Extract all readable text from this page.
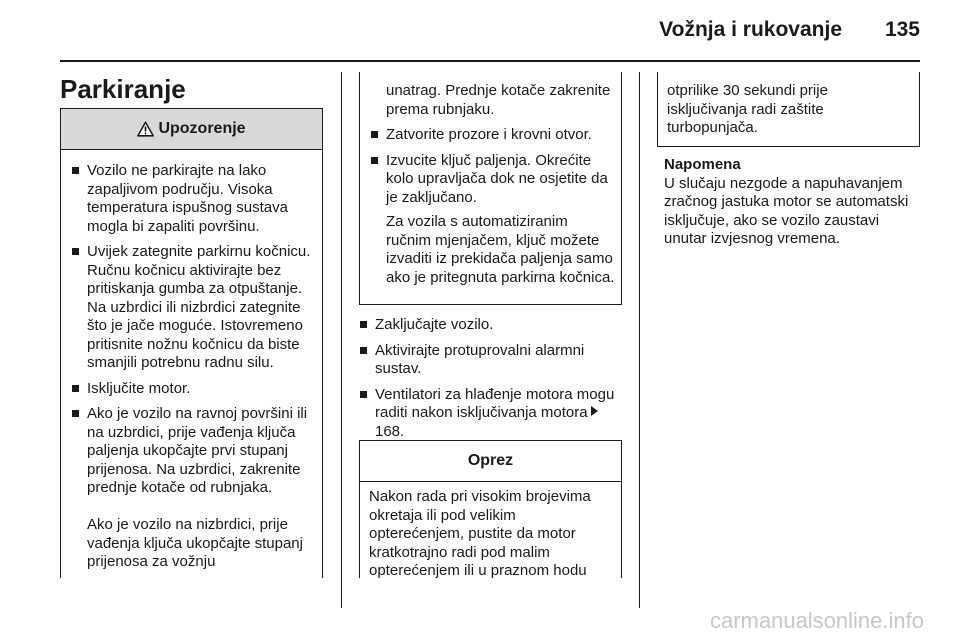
Vožnja i rukovanje 135
Parkiranje
Upozorenje
Vozilo ne parkirajte na lako zapaljivom području. Visoka temperatura ispušnog sustava mogla bi zapaliti površinu.
Uvijek zategnite parkirnu kočnicu. Ručnu kočnicu aktivirajte bez pritiskanja gumba za otpuštanje. Na uzbrdici ili nizbrdici zategnite što je jače moguće. Istovremeno pritisnite nožnu kočnicu da biste smanjili potrebnu radnu silu.
Isključite motor.
Ako je vozilo na ravnoj površini ili na uzbrdici, prije vađenja ključa paljenja ukopčajte prvi stupanj prijenosa. Na uzbrdici, zakrenite prednje kotače od rubnjaka.
Ako je vozilo na nizbrdici, prije vađenja ključa ukopčajte stupanj prijenosa za vožnju
unatrag. Prednje kotače zakrenite prema rubnjaku.
Zatvorite prozore i krovni otvor.
Izvucite ključ paljenja. Okrećite kolo upravljača dok ne osjetite da je zaključano.
Za vozila s automatiziranim ručnim mjenjačem, ključ možete izvaditi iz prekidača paljenja samo ako je pritegnuta parkirna kočnica.
Zaključajte vozilo.
Aktivirajte protuprovalni alarmni sustav.
Ventilatori za hlađenje motora mogu raditi nakon isključivanja motora168.
Oprez

Nakon rada pri visokim brojevima okretaja ili pod velikim opterećenjem, pustite da motor kratkotrajno radi pod malim opterećenjem ili u praznom hodu

otprilike 30 sekundi prije isključivanja radi zaštite turbopunjača.

Napomena

U slučaju nezgode a napuhavanjem zračnog jastuka motor se automatski isključuje, ako se vozilo zaustavi unutar izvjesnog vremena.

carmanualsonline.info
